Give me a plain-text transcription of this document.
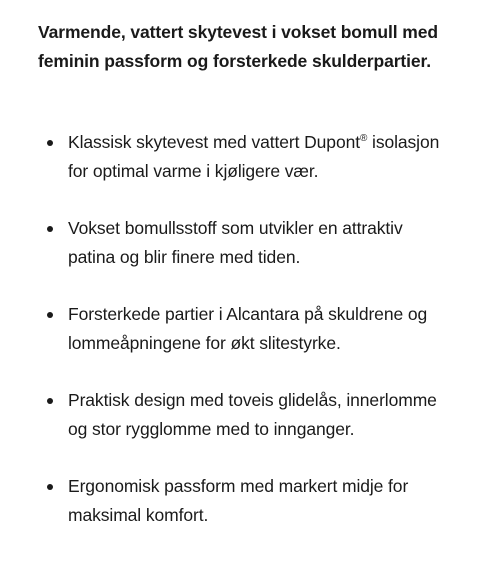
Varmende, vattert skytevest i vokset bomull med feminin passform og forsterkede skulderpartier.

Klassisk skytevest med vattert Dupont® isolasjon for optimal varme i kjøligere vær.
Vokset bomullsstoff som utvikler en attraktiv patina og blir finere med tiden.
Forsterkede partier i Alcantara på skuldrene og lommeåpningene for økt slitestyrke.
Praktisk design med toveis glidelås, innerlomme og stor rygglomme med to innganger.
Ergonomisk passform med markert midje for maksimal komfort.
